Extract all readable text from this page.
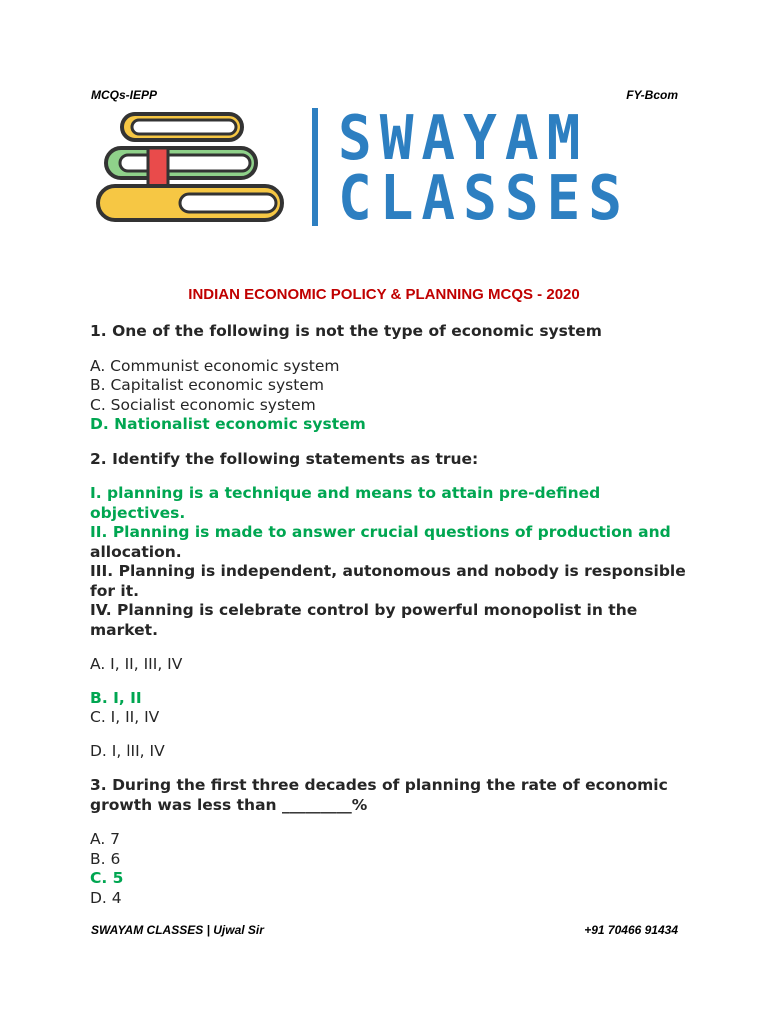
MCQs-IEPP	FY-Bcom
SWAYAM
CLASSES
INDIAN ECONOMIC POLICY & PLANNING MCQS - 2020
1. One of the following is not the type of economic system
A. Communist economic system
B. Capitalist economic system
C. Socialist economic system
D. Nationalist economic system
2. Identify the following statements as true:
I. planning is a technique and means to attain pre-defined objectives.
II. Planning is made to answer crucial questions of production and allocation.
III. Planning is independent, autonomous and nobody is responsible for it.
IV. Planning is celebrate control by powerful monopolist in the market.
A. I, II, III, IV
B. I, II
C. I, II, IV
D. I, lII, IV
3. During the first three decades of planning the rate of economic growth was less than _________%
A. 7
B. 6
C. 5
D. 4
SWAYAM CLASSES | Ujwal Sir	+91 70466 91434
